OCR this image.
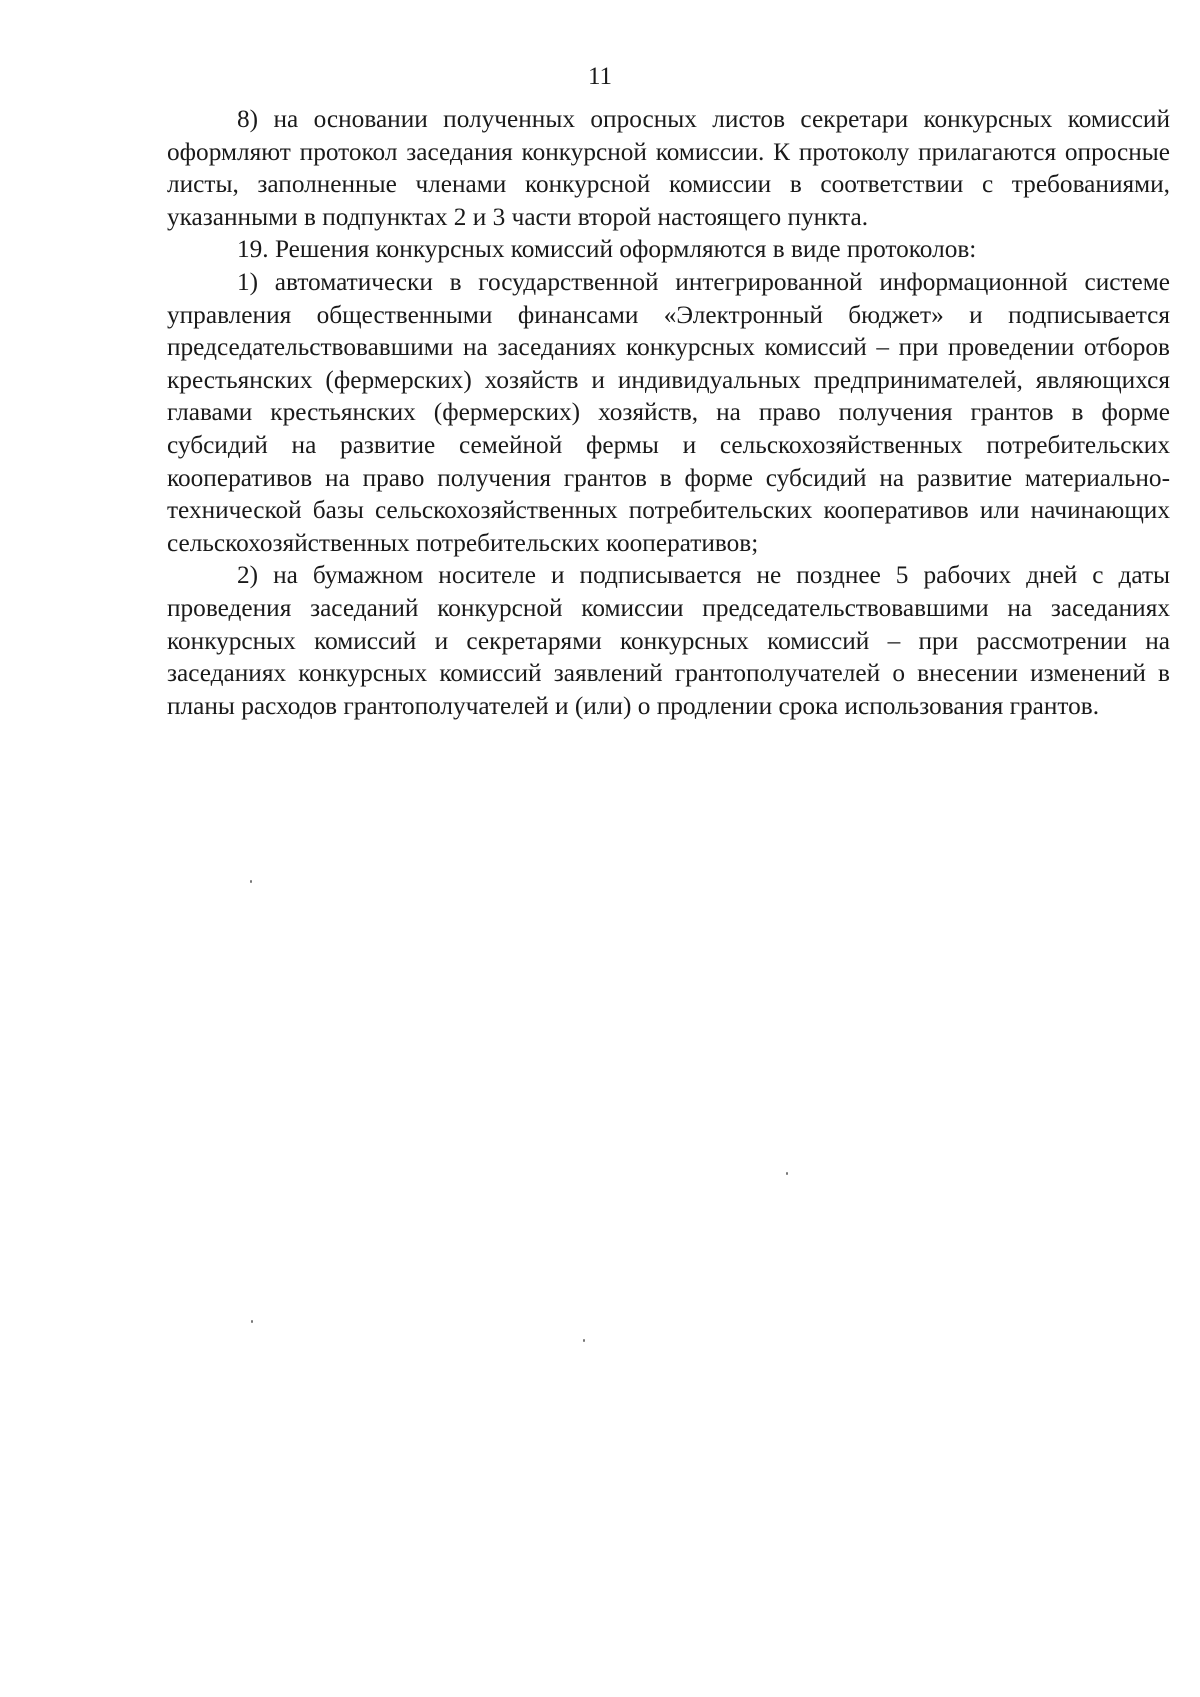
11

8) на основании полученных опросных листов секретари конкурсных комиссий оформляют протокол заседания конкурсной комиссии. К протоколу прилагаются опросные листы, заполненные членами конкурсной комиссии в соответствии с требованиями, указанными в подпунктах 2 и 3 части второй настоящего пункта.

19. Решения конкурсных комиссий оформляются в виде протоколов:

1) автоматически в государственной интегрированной информационной системе управления общественными финансами «Электронный бюджет» и подписывается председательствовавшими на заседаниях конкурсных комиссий – при проведении отборов крестьянских (фермерских) хозяйств и индивидуальных предпринимателей, являющихся главами крестьянских (фермерских) хозяйств, на право получения грантов в форме субсидий на развитие семейной фермы и сельскохозяйственных потребительских кооперативов на право получения грантов в форме субсидий на развитие материально-технической базы сельскохозяйственных потребительских кооперативов или начинающих сельскохозяйственных потребительских кооперативов;

2) на бумажном носителе и подписывается не позднее 5 рабочих дней с даты проведения заседаний конкурсной комиссии председательствовавшими на заседаниях конкурсных комиссий и секретарями конкурсных комиссий – при рассмотрении на заседаниях конкурсных комиссий заявлений грантополучателей о внесении изменений в планы расходов грантополучателей и (или) о продлении срока использования грантов.
